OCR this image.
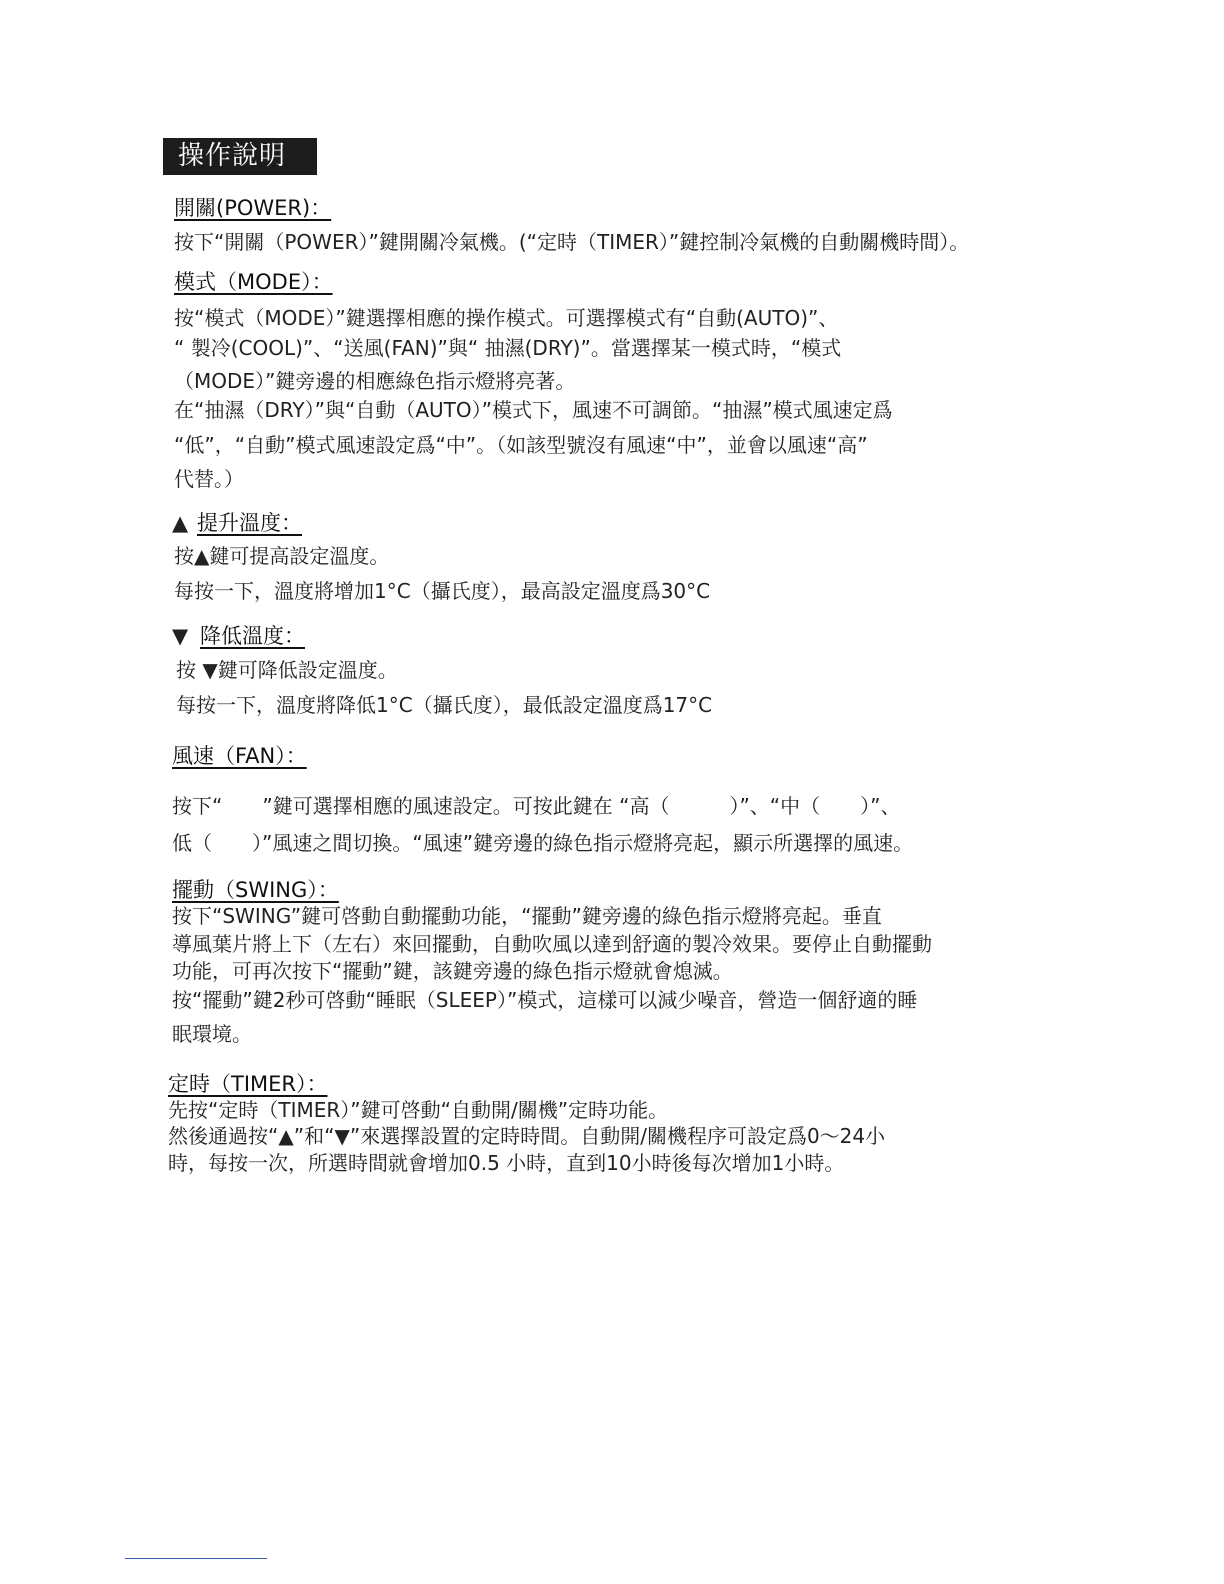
操作說明
開關(POWER)：
按下“開關（POWER）”鍵開關冷氣機。(“定時（TIMER）”鍵控制冷氣機的自動關機時間）。
模式（MODE）：
按“模式（MODE）”鍵選擇相應的操作模式。可選擇模式有“自動(AUTO)”、
“ 製冷(COOL)”、“送風(FAN)”與“ 抽濕(DRY)”。當選擇某一模式時，“模式
（MODE）”鍵旁邊的相應綠色指示燈將亮著。
在“抽濕（DRY）”與“自動（AUTO）”模式下，風速不可調節。“抽濕”模式風速定爲
“低”，“自動”模式風速設定爲“中”。（如該型號沒有風速“中”，並會以風速“高”
代替。）
▲ 提升溫度：
按▲鍵可提高設定溫度。
每按一下，溫度將增加1°C（攝氏度），最高設定溫度爲30°C
▼ 降低溫度：
按 ▼鍵可降低設定溫度。
每按一下，溫度將降低1°C（攝氏度），最低設定溫度爲17°C
風速（FAN）：
按下“　　”鍵可選擇相應的風速設定。可按此鍵在 “高（　　　）”、“中（　　）”、
低（　　）”風速之間切換。“風速”鍵旁邊的綠色指示燈將亮起，顯示所選擇的風速。
擺動（SWING）：
按下“SWING”鍵可啓動自動擺動功能，“擺動”鍵旁邊的綠色指示燈將亮起。垂直
導風葉片將上下（左右）來回擺動，自動吹風以達到舒適的製冷效果。要停止自動擺動
功能，可再次按下“擺動”鍵，該鍵旁邊的綠色指示燈就會熄滅。
按“擺動”鍵2秒可啓動“睡眠（SLEEP）”模式，這樣可以減少噪音，營造一個舒適的睡
眠環境。
定時（TIMER）：
先按“定時（TIMER）”鍵可啓動“自動開/關機”定時功能。
然後通過按“▲”和“▼”來選擇設置的定時時間。自動開/關機程序可設定爲0～24小
時，每按一次，所選時間就會增加0.5 小時，直到10小時後每次增加1小時。
